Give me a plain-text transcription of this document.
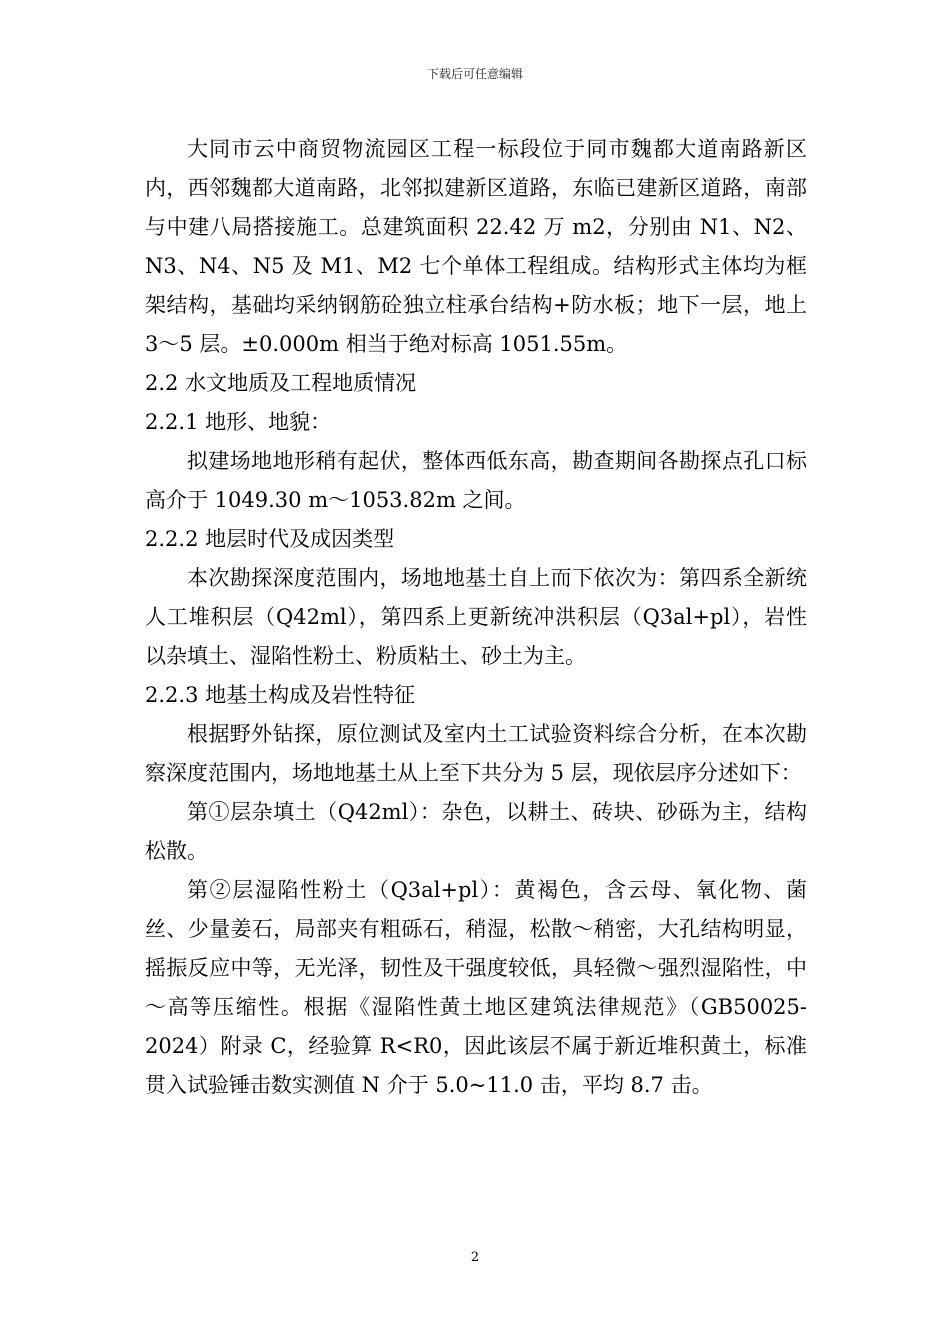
下载后可任意编辑

大同市云中商贸物流园区工程一标段位于同市魏都大道南路新区内，西邻魏都大道南路，北邻拟建新区道路，东临已建新区道路，南部与中建八局搭接施工。总建筑面积 22.42 万 m2，分别由 N1、N2、N3、N4、N5 及 M1、M2 七个单体工程组成。结构形式主体均为框架结构，基础均采纳钢筋砼独立柱承台结构+防水板；地下一层，地上 3～5 层。±0.000m 相当于绝对标高 1051.55m。

2.2 水文地质及工程地质情况

2.2.1 地形、地貌：

拟建场地地形稍有起伏，整体西低东高，勘查期间各勘探点孔口标高介于 1049.30 m～1053.82m 之间。

2.2.2 地层时代及成因类型

本次勘探深度范围内，场地地基土自上而下依次为：第四系全新统人工堆积层（Q42ml），第四系上更新统冲洪积层（Q3al+pl），岩性以杂填土、湿陷性粉土、粉质粘土、砂土为主。

2.2.3 地基土构成及岩性特征

根据野外钻探，原位测试及室内土工试验资料综合分析，在本次勘察深度范围内，场地地基土从上至下共分为 5 层，现依层序分述如下：

第①层杂填土（Q42ml）：杂色，以耕土、砖块、砂砾为主，结构松散。

第②层湿陷性粉土（Q3al+pl）：黄褐色，含云母、氧化物、菌丝、少量姜石，局部夹有粗砾石，稍湿，松散～稍密，大孔结构明显，摇振反应中等，无光泽，韧性及干强度较低，具轻微～强烈湿陷性，中～高等压缩性。根据《湿陷性黄土地区建筑法律规范》（GB50025-2024）附录 C，经验算 R<R0，因此该层不属于新近堆积黄土，标准贯入试验锤击数实测值 N 介于 5.0~11.0 击，平均 8.7 击。

2
